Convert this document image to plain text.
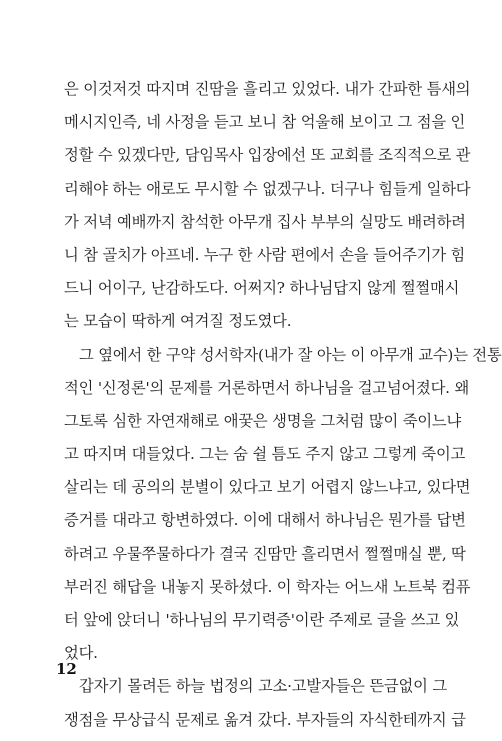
은 이것저것 따지며 진땀을 흘리고 있었다. 내가 간파한 틈새의
메시지인즉, 네 사정을 듣고 보니 참 억울해 보이고 그 점을 인
정할 수 있겠다만, 담임목사 입장에선 또 교회를 조직적으로 관
리해야 하는 애로도 무시할 수 없겠구나. 더구나 힘들게 일하다
가 저녁 예배까지 참석한 아무개 집사 부부의 실망도 배려하려
니 참 골치가 아프네. 누구 한 사람 편에서 손을 들어주기가 힘
드니 어이구, 난감하도다. 어쩌지? 하나님답지 않게 쩔쩔매시
는 모습이 딱하게 여겨질 정도였다.
그 옆에서 한 구약 성서학자(내가 잘 아는 이 아무개 교수)는 전통
적인 '신정론'의 문제를 거론하면서 하나님을 걸고넘어졌다. 왜
그토록 심한 자연재해로 애꿎은 생명을 그처럼 많이 죽이느냐
고 따지며 대들었다. 그는 숨 쉴 틈도 주지 않고 그렇게 죽이고
살리는 데 공의의 분별이 있다고 보기 어렵지 않느냐고, 있다면
증거를 대라고 항변하였다. 이에 대해서 하나님은 뭔가를 답변
하려고 우물쭈물하다가 결국 진땀만 흘리면서 쩔쩔매실 뿐, 딱
부러진 해답을 내놓지 못하셨다. 이 학자는 어느새 노트북 컴퓨
터 앞에 앉더니 '하나님의 무기력증'이란 주제로 글을 쓰고 있
었다.
갑자기 몰려든 하늘 법정의 고소·고발자들은 뜬금없이 그
쟁점을 무상급식 문제로 옮겨 갔다. 부자들의 자식한테까지 급
12
